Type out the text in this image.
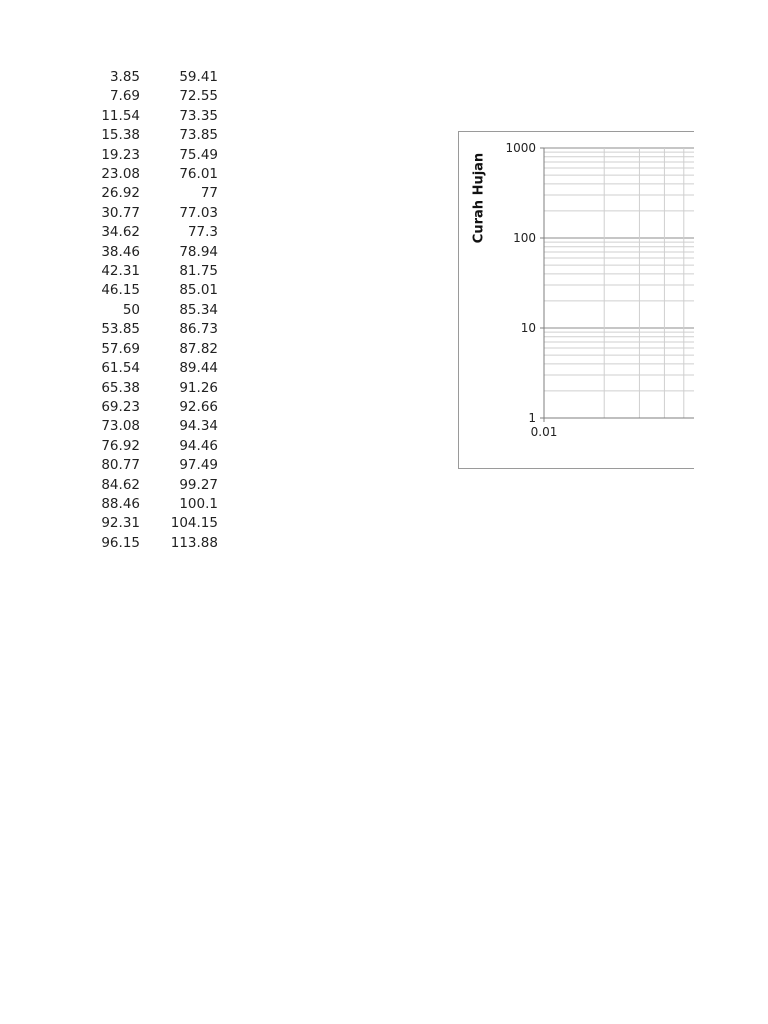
3.85	59.41
7.69	72.55
11.54	73.35
15.38	73.85
19.23	75.49
23.08	76.01
26.92	77
30.77	77.03
34.62	77.3
38.46	78.94
42.31	81.75
46.15	85.01
50	85.34
53.85	86.73
57.69	87.82
61.54	89.44
65.38	91.26
69.23	92.66
73.08	94.34
76.92	94.46
80.77	97.49
84.62	99.27
88.46	100.1
92.31	104.15
96.15	113.88
1000
100
10
1
0.01
Curah Hujan
